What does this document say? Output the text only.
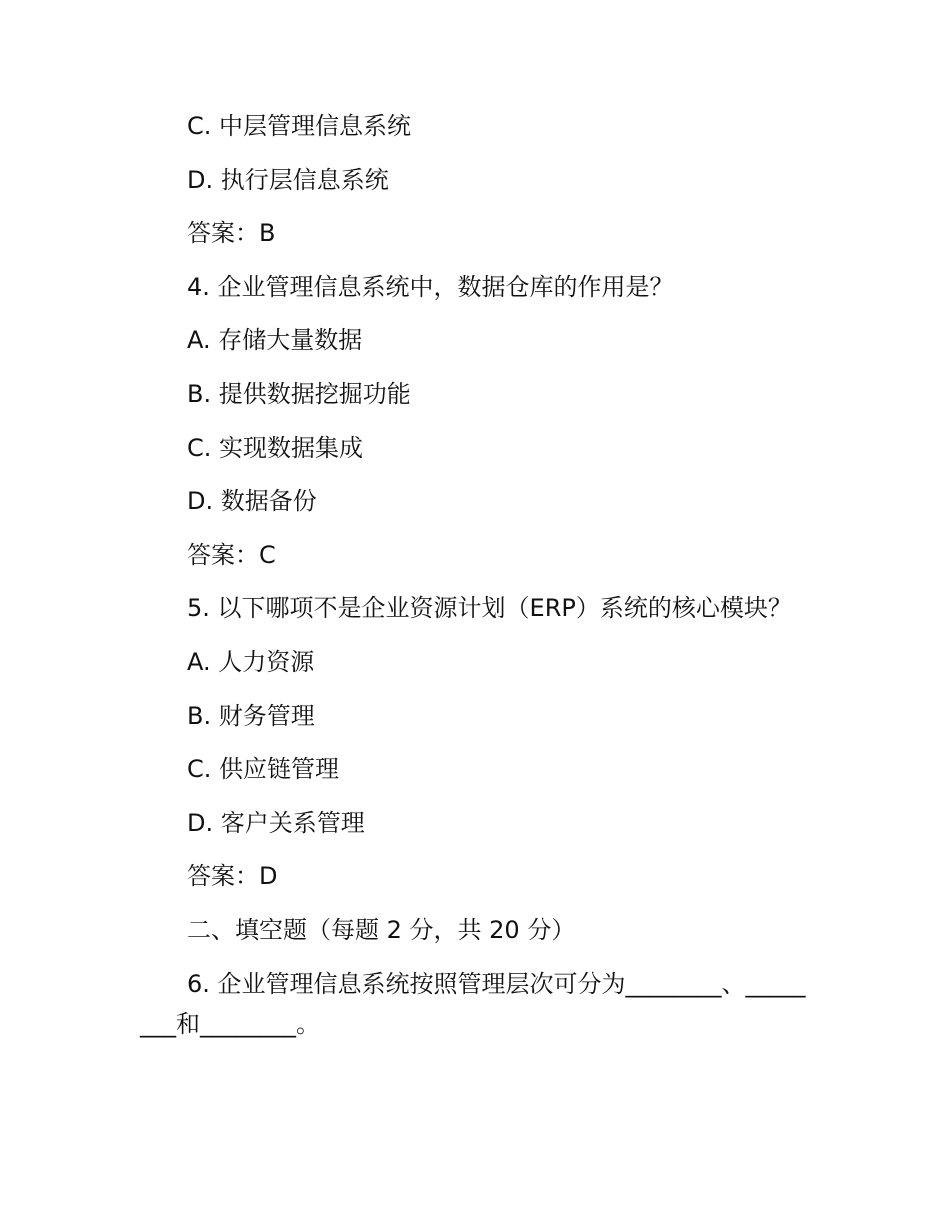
C. 中层管理信息系统
D. 执行层信息系统
答案：B
4. 企业管理信息系统中，数据仓库的作用是？
A. 存储大量数据
B. 提供数据挖掘功能
C. 实现数据集成
D. 数据备份
答案：C
5. 以下哪项不是企业资源计划（ERP）系统的核心模块？
A. 人力资源
B. 财务管理
C. 供应链管理
D. 客户关系管理
答案：D
二、填空题（每题 2 分，共 20 分）

6. 企业管理信息系统按照管理层次可分为________、________和________。
